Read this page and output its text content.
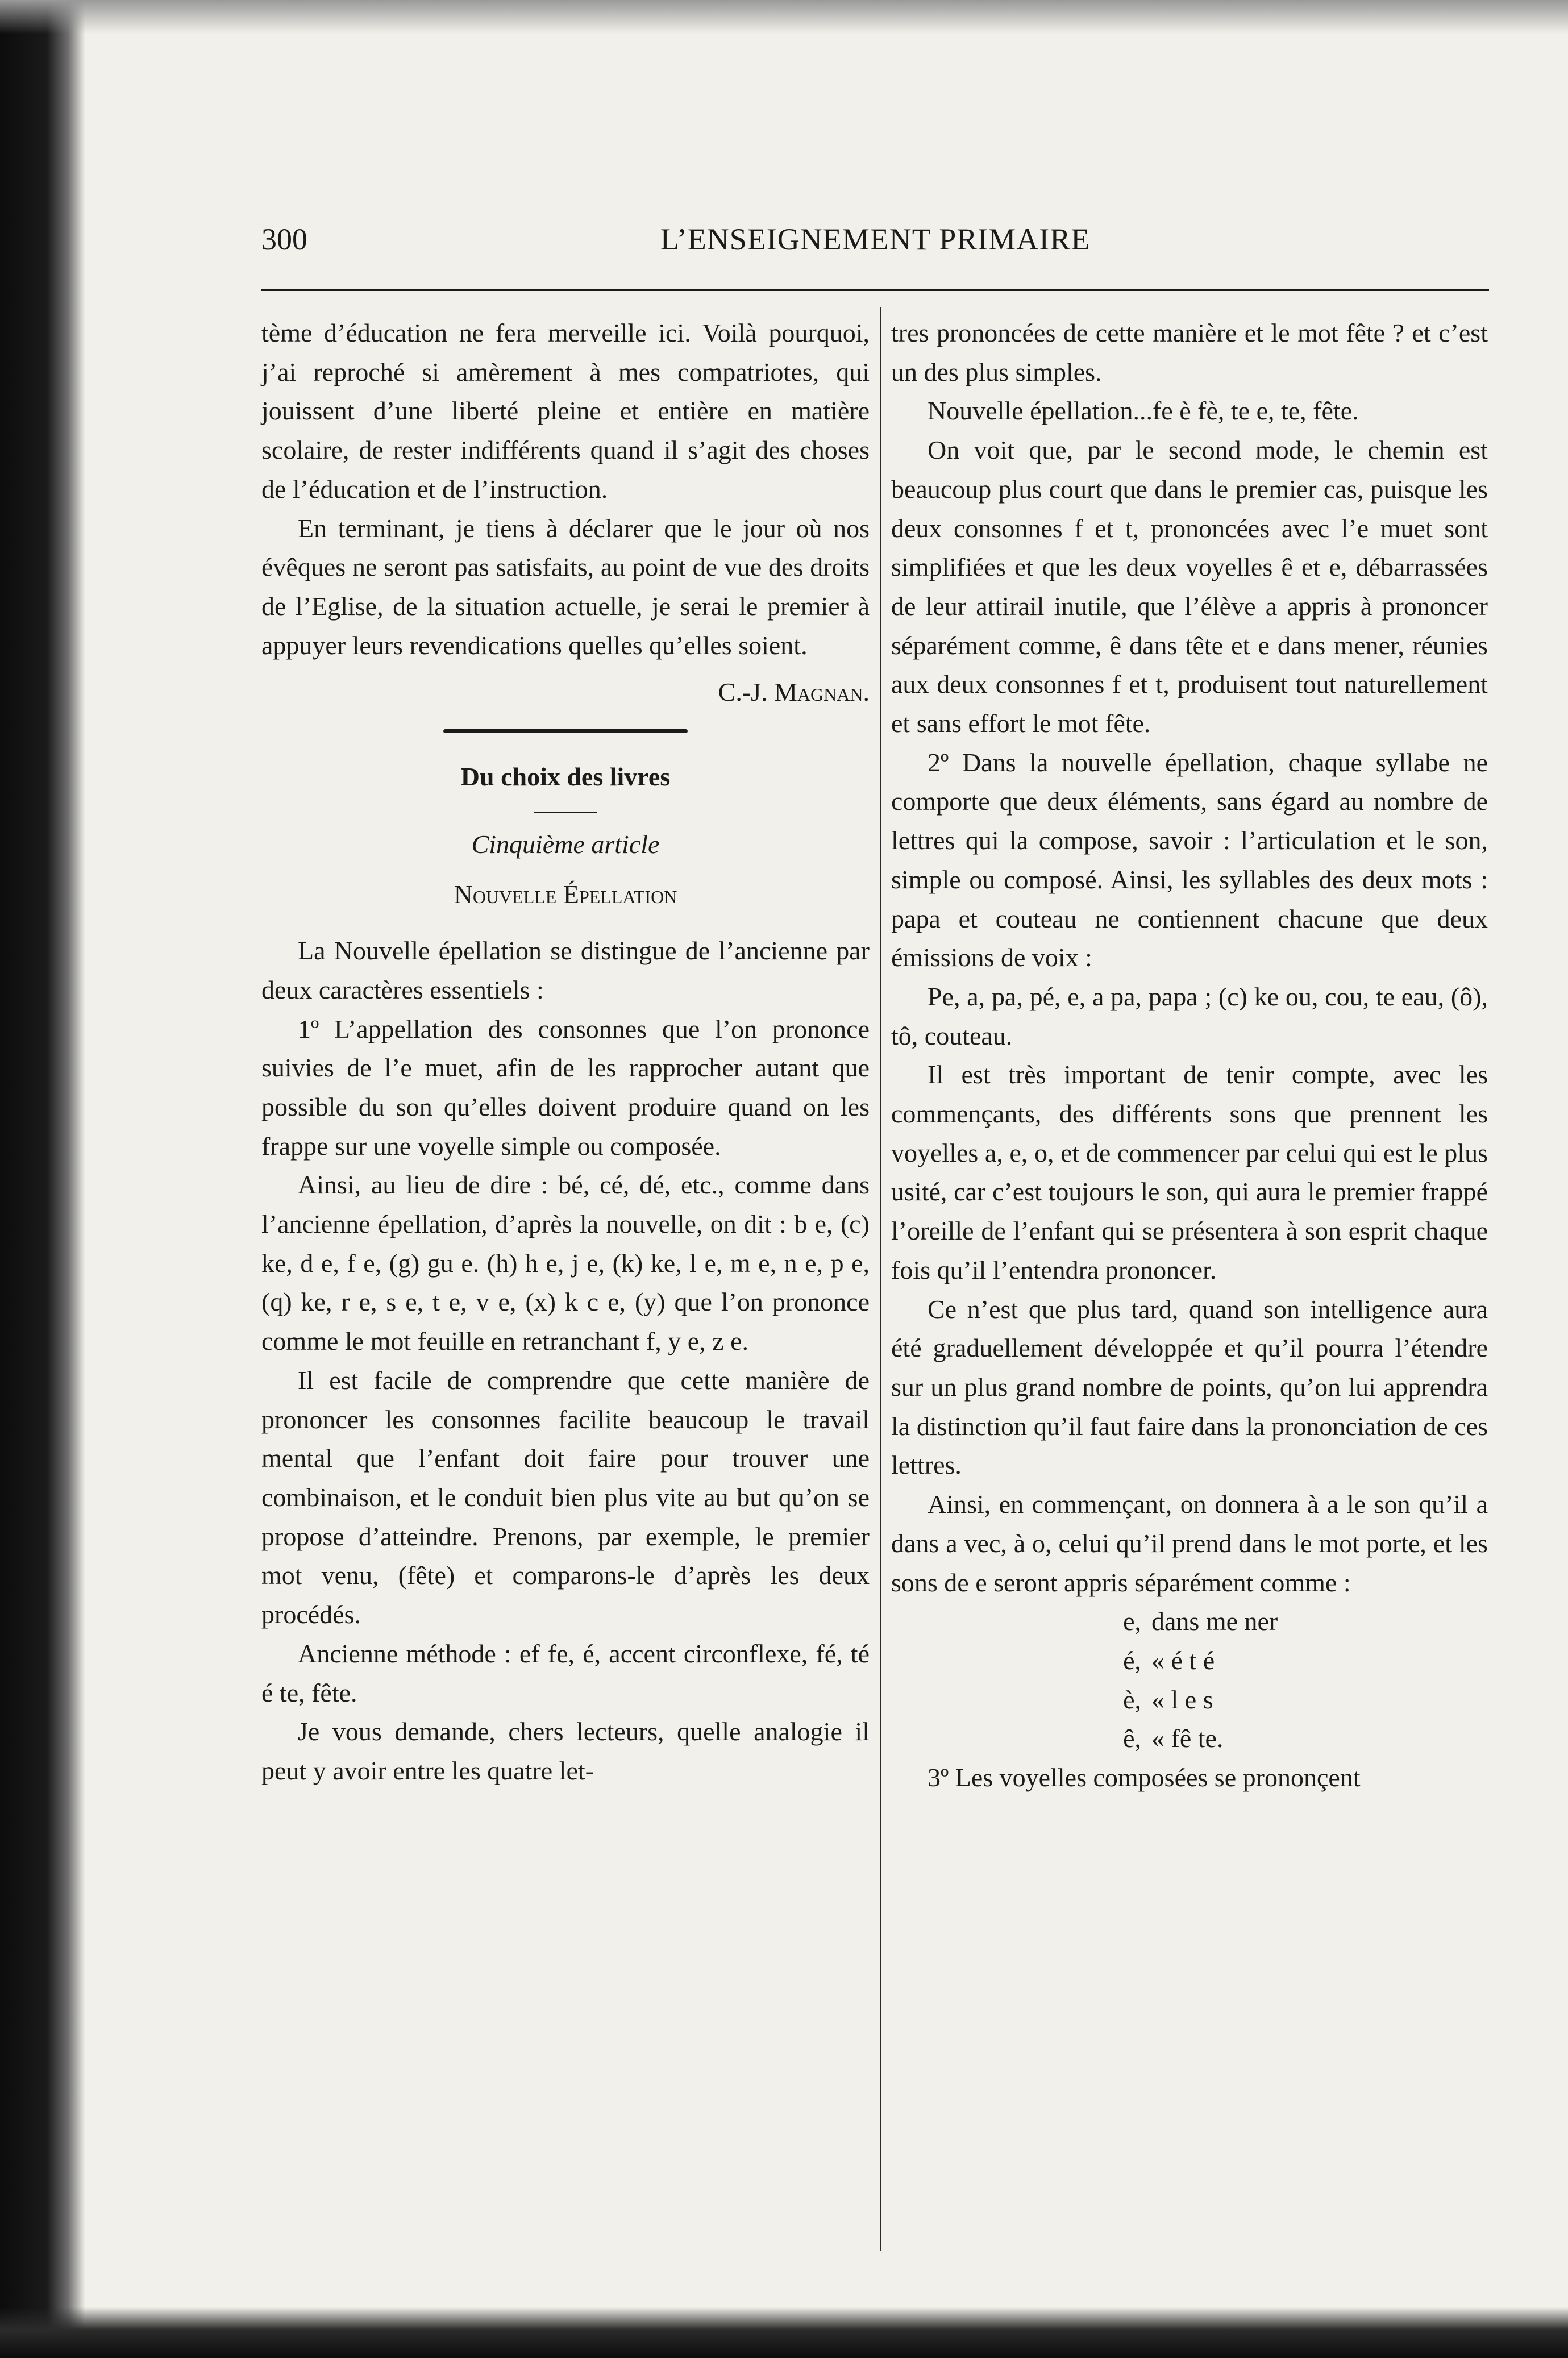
300	L’ENSEIGNEMENT PRIMAIRE

tème d’éducation ne fera merveille ici. Voilà pourquoi, j’ai reproché si amèrement à mes compatriotes, qui jouissent d’une liberté pleine et entière en matière scolaire, de rester indifférents quand il s’agit des choses de l’éducation et de l’instruction.

En terminant, je tiens à déclarer que le jour où nos évêques ne seront pas satisfaits, au point de vue des droits de l’Eglise, de la situation actuelle, je serai le premier à appuyer leurs revendications quelles qu’elles soient.

C.-J. Magnan.

Du choix des livres

Cinquième article

Nouvelle Épellation

La Nouvelle épellation se distingue de l’ancienne par deux caractères essentiels :

1º L’appellation des consonnes que l’on prononce suivies de l’e muet, afin de les rapprocher autant que possible du son qu’elles doivent produire quand on les frappe sur une voyelle simple ou composée.

Ainsi, au lieu de dire : bé, cé, dé, etc., comme dans l’ancienne épellation, d’après la nouvelle, on dit : b e, (c) ke, d e, f e, (g) gu e. (h) h e, j e, (k) ke, l e, m e, n e, p e, (q) ke, r e, s e, t e, v e, (x) k c e, (y) que l’on prononce comme le mot feuille en retranchant f, y e, z e.

Il est facile de comprendre que cette manière de prononcer les consonnes facilite beaucoup le travail mental que l’enfant doit faire pour trouver une combinaison, et le conduit bien plus vite au but qu’on se propose d’atteindre. Prenons, par exemple, le premier mot venu, (fête) et comparons-le d’après les deux procédés.

Ancienne méthode : ef fe, é, accent circonflexe, fé, té é te, fête.

Je vous demande, chers lecteurs, quelle analogie il peut y avoir entre les quatre let-

tres prononcées de cette manière et le mot fête ? et c’est un des plus simples.

Nouvelle épellation...fe è fè, te e, te, fête.

On voit que, par le second mode, le chemin est beaucoup plus court que dans le premier cas, puisque les deux consonnes f et t, prononcées avec l’e muet sont simplifiées et que les deux voyelles ê et e, débarrassées de leur attirail inutile, que l’élève a appris à prononcer séparément comme, ê dans tête et e dans mener, réunies aux deux consonnes f et t, produisent tout naturellement et sans effort le mot fête.

2º Dans la nouvelle épellation, chaque syllabe ne comporte que deux éléments, sans égard au nombre de lettres qui la compose, savoir : l’articulation et le son, simple ou composé. Ainsi, les syllables des deux mots : papa et couteau ne contiennent chacune que deux émissions de voix :

Pe, a, pa, pé, e, a pa, papa ; (c) ke ou, cou, te eau, (ô), tô, couteau.

Il est très important de tenir compte, avec les commençants, des différents sons que prennent les voyelles a, e, o, et de commencer par celui qui est le plus usité, car c’est toujours le son, qui aura le premier frappé l’oreille de l’enfant qui se présentera à son esprit chaque fois qu’il l’entendra prononcer.

Ce n’est que plus tard, quand son intelligence aura été graduellement développée et qu’il pourra l’étendre sur un plus grand nombre de points, qu’on lui apprendra la distinction qu’il faut faire dans la prononciation de ces lettres.

Ainsi, en commençant, on donnera à a le son qu’il a dans a vec, à o, celui qu’il prend dans le mot porte, et les sons de e seront appris séparément comme :

e, dans me ner
é, « é t é
è, « l e s
ê, « fê te.

3º Les voyelles composées se prononçent
